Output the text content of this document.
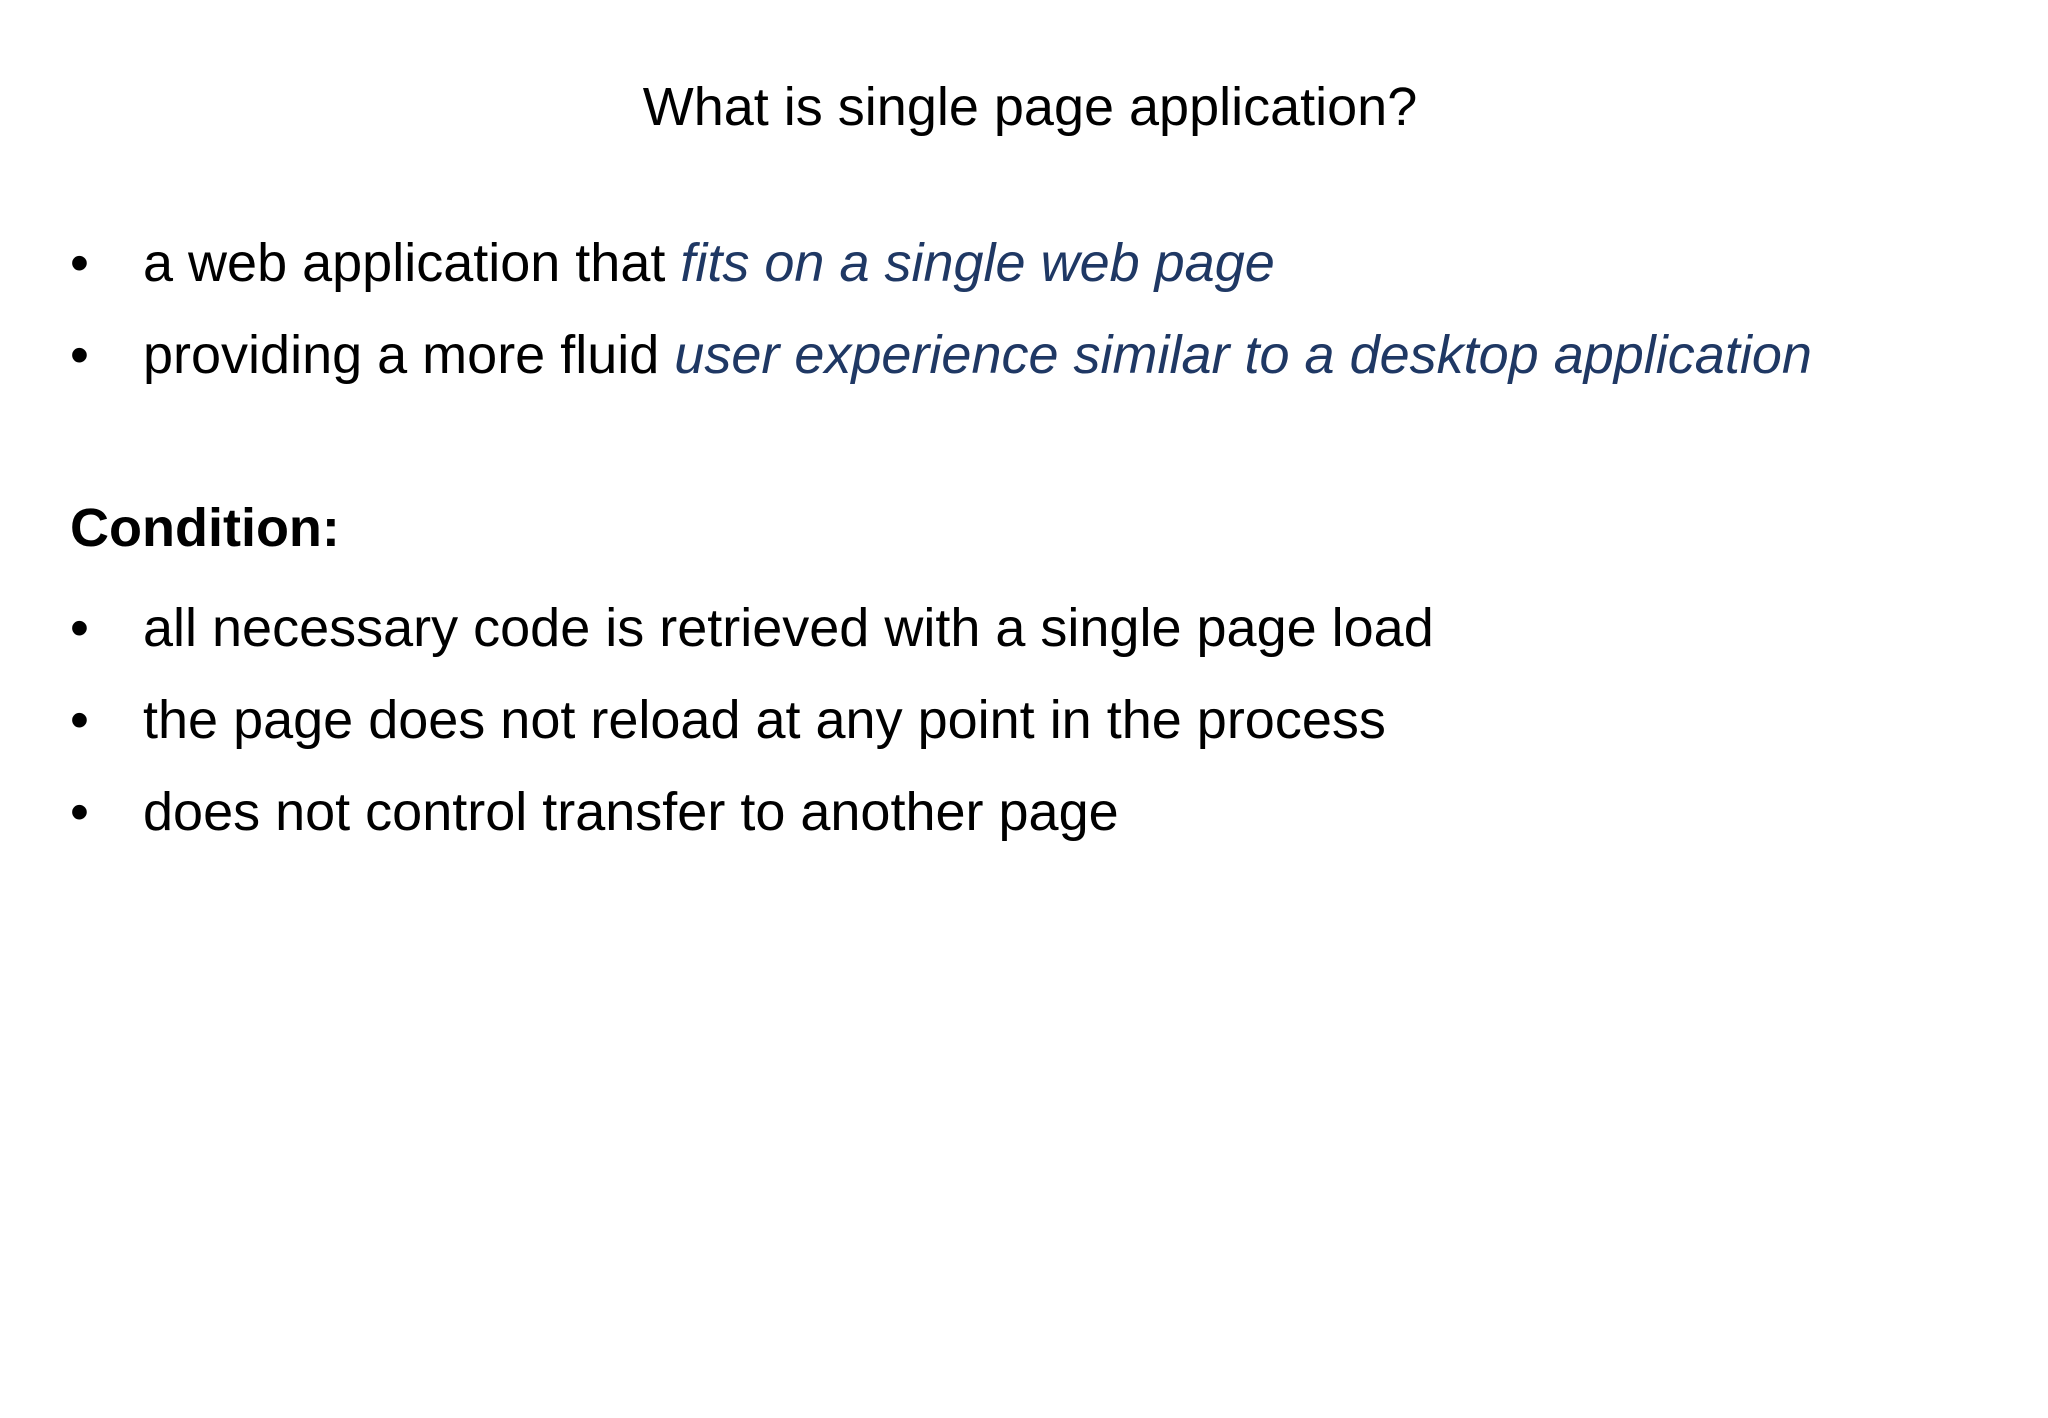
What is single page application?
• a web application that fits on a single web page
• providing a more fluid user experience similar to a desktop application
Condition:
• all necessary code is retrieved with a single page load
• the page does not reload at any point in the process
• does not control transfer to another page
